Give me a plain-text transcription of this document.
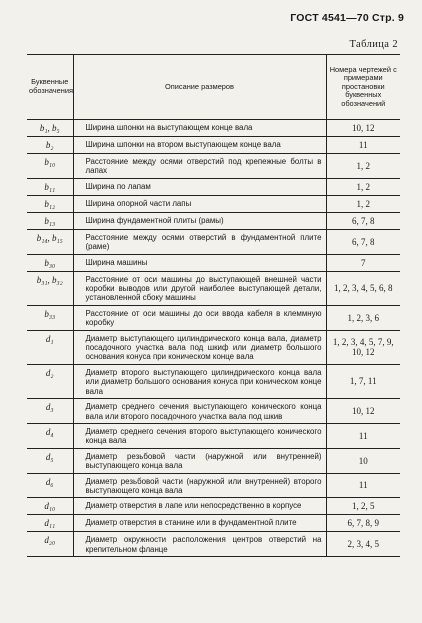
ГОСТ 4541—70 Стр. 9
Таблица 2
Буквенные обозначения	Описание размеров	Номера чертежей с примерами простановки буквенных обозначений
b₁, b₅	Ширина шпонки на выступающем конце вала	10, 12
b₂	Ширина шпонки на втором выступающем конце вала	11
b₁₀	Расстояние между осями отверстий под крепежные болты в лапах	1, 2
b₁₁	Ширина по лапам	1, 2
b₁₂	Ширина опорной части лапы	1, 2
b₁₃	Ширина фундаментной плиты (рамы)	6, 7, 8
b₁₄, b₁₅	Расстояние между осями отверстий в фундаментной плите (раме)	6, 7, 8
b₃₀	Ширина машины	7
b₃₁, b₃₂	Расстояние от оси машины до выступающей внешней части коробки выводов или другой наиболее выступающей детали, установленной сбоку машины	1, 2, 3, 4, 5, 6, 8
b₃₃	Расстояние от оси машины до оси ввода кабеля в клеммную коробку	1, 2, 3, 6
d₁	Диаметр выступающего цилиндрического конца вала, диаметр посадочного участка вала под шкиф или диаметр большого основания конуса при коническом конце вала	1, 2, 3, 4, 5, 7, 9, 10, 12
d₂	Диаметр второго выступающего цилиндрического конца вала или диаметр большого основания конуса при коническом конце вала	1, 7, 11
d₃	Диаметр среднего сечения выступающего конического конца вала или второго посадочного участка вала под шкив	10, 12
d₄	Диаметр среднего сечения второго выступающего конического конца вала	11
d₅	Диаметр резьбовой части (наружной или внутренней) выступающего конца вала	10
d₆	Диаметр резьбовой части (наружной или внутренней) второго выступающего конца вала	11
d₁₀	Диаметр отверстия в лапе или непосредственно в корпусе	1, 2, 5
d₁₁	Диаметр отверстия в станине или в фундаментной плите	6, 7, 8, 9
d₂₀	Диаметр окружности расположения центров отверстий на крепительном фланце	2, 3, 4, 5
